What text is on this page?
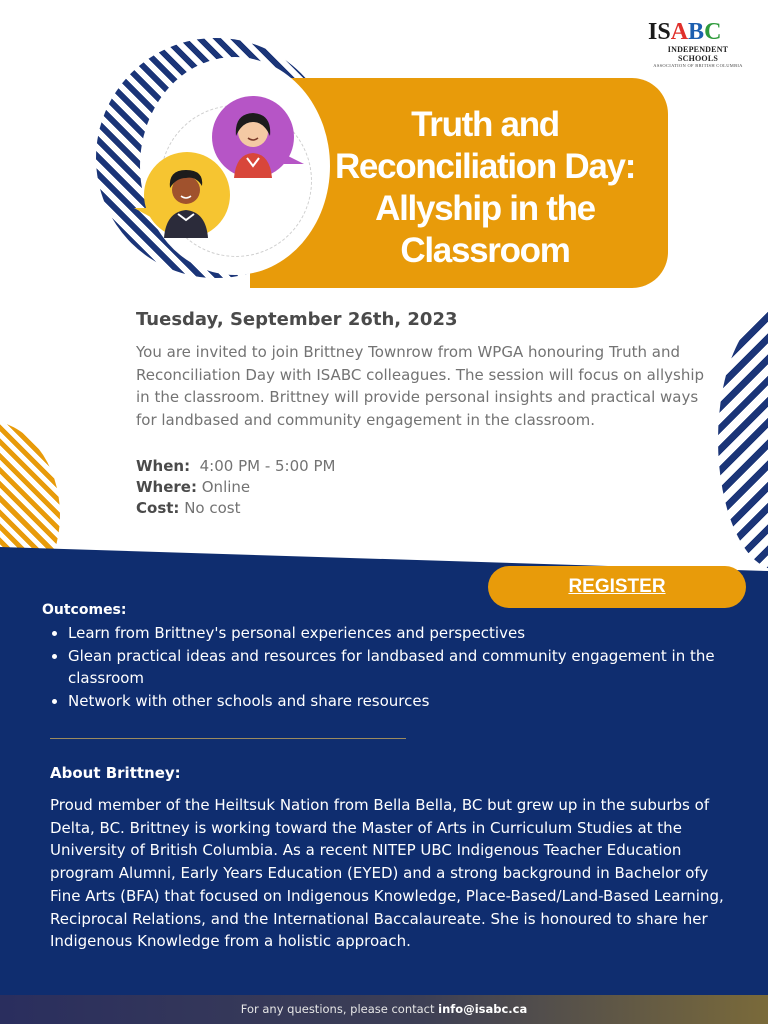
Truth and Reconciliation Day: Allyship in the Classroom
I S A B C
INDEPENDENT SCHOOLS
ASSOCIATION OF BRITISH COLUMBIA
Tuesday, September 26th, 2023
You are invited to join Brittney Townrow from WPGA honouring Truth and Reconciliation Day with ISABC colleagues. The session will focus on allyship in the classroom. Brittney will provide personal insights and practical ways for landbased and community engagement in the classroom.
When: 4:00 PM - 5:00 PM
Where: Online
Cost: No cost
REGISTER
Outcomes:
• Learn from Brittney's personal experiences and perspectives
• Glean practical ideas and resources for landbased and community engagement in the classroom
• Network with other schools and share resources
About Brittney:
Proud member of the Heiltsuk Nation from Bella Bella, BC but grew up in the suburbs of Delta, BC. Brittney is working toward the Master of Arts in Curriculum Studies at the University of British Columbia. As a recent NITEP UBC Indigenous Teacher Education program Alumni, Early Years Education (EYED) and a strong background in Bachelor ofy Fine Arts (BFA) that focused on Indigenous Knowledge, Place-Based/Land-Based Learning, Reciprocal Relations, and the International Baccalaureate. She is honoured to share her Indigenous Knowledge from a holistic approach.
For any questions, please contact info@isabc.ca
